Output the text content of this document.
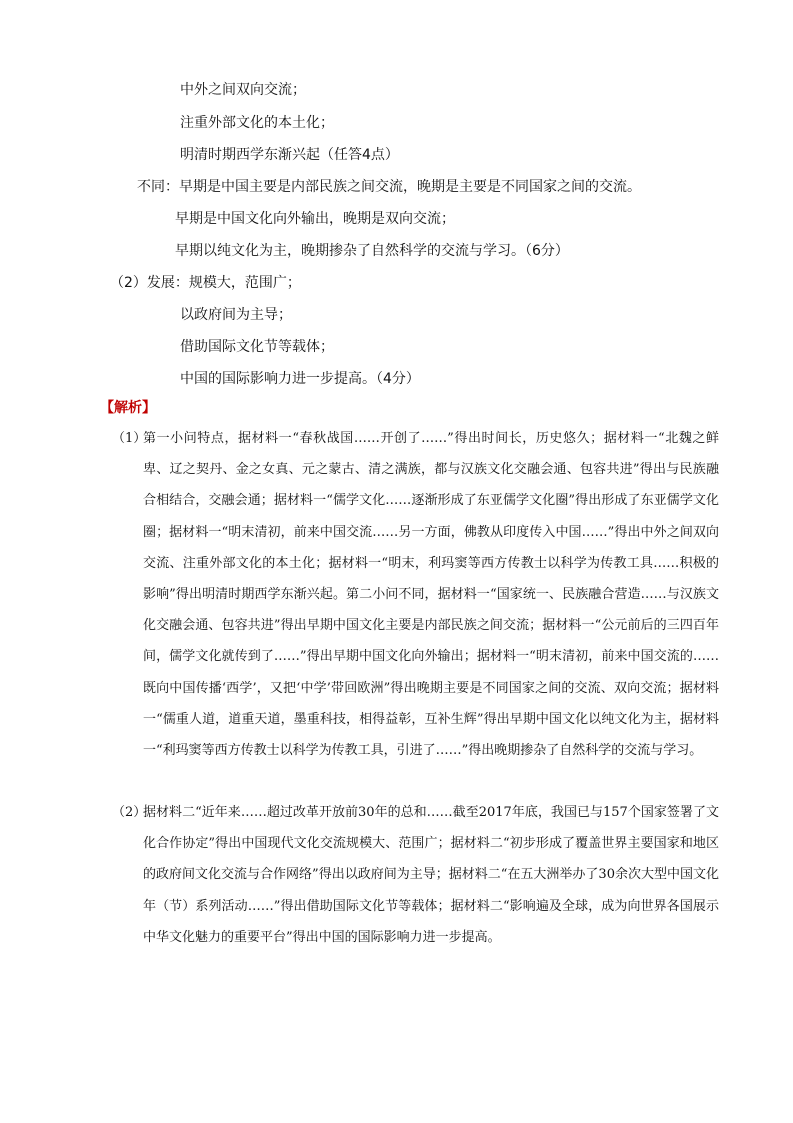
中外之间双向交流；
注重外部文化的本土化；
明清时期西学东渐兴起（任答4点）
不同：早期是中国主要是内部民族之间交流，晚期是主要是不同国家之间的交流。
早期是中国文化向外输出，晚期是双向交流；
早期以纯文化为主，晚期掺杂了自然科学的交流与学习。（6分）
（2）发展：规模大，范围广；
以政府间为主导；
借助国际文化节等载体；
中国的国际影响力进一步提高。（4分）
【解析】
（1）
第一小问特点，据材料一“春秋战国……开创了……”得出时间长，历史悠久；据材料一“北魏之鲜卑、辽之契丹、金之女真、元之蒙古、清之满族，都与汉族文化交融会通、包容共进”得出与民族融合相结合，交融会通；据材料一“儒学文化……逐渐形成了东亚儒学文化圈”得出形成了东亚儒学文化圈；据材料一“明末清初，前来中国交流……另一方面，佛教从印度传入中国……”得出中外之间双向交流、注重外部文化的本土化；据材料一“明末，利玛窦等西方传教士以科学为传教工具……积极的影响”得出明清时期西学东渐兴起。第二小问不同，据材料一“国家统一、民族融合营造……与汉族文化交融会通、包容共进”得出早期中国文化主要是内部民族之间交流；据材料一“公元前后的三四百年间，儒学文化就传到了……”得出早期中国文化向外输出；据材料一“明末清初，前来中国交流的……既向中国传播‘西学’，又把‘中学’带回欧洲”得出晚期主要是不同国家之间的交流、双向交流；据材料一“儒重人道，道重天道，墨重科技，相得益彰，互补生辉”得出早期中国文化以纯文化为主，据材料一“利玛窦等西方传教士以科学为传教工具，引进了……”得出晚期掺杂了自然科学的交流与学习。
（2）
据材料二“近年来……超过改革开放前30年的总和……截至2017年底，我国已与157个国家签署了文化合作协定”得出中国现代文化交流规模大、范围广；据材料二“初步形成了覆盖世界主要国家和地区的政府间文化交流与合作网络”得出以政府间为主导；据材料二“在五大洲举办了30余次大型中国文化年（节）系列活动……”得出借助国际文化节等载体；据材料二“影响遍及全球，成为向世界各国展示中华文化魅力的重要平台”得出中国的国际影响力进一步提高。
